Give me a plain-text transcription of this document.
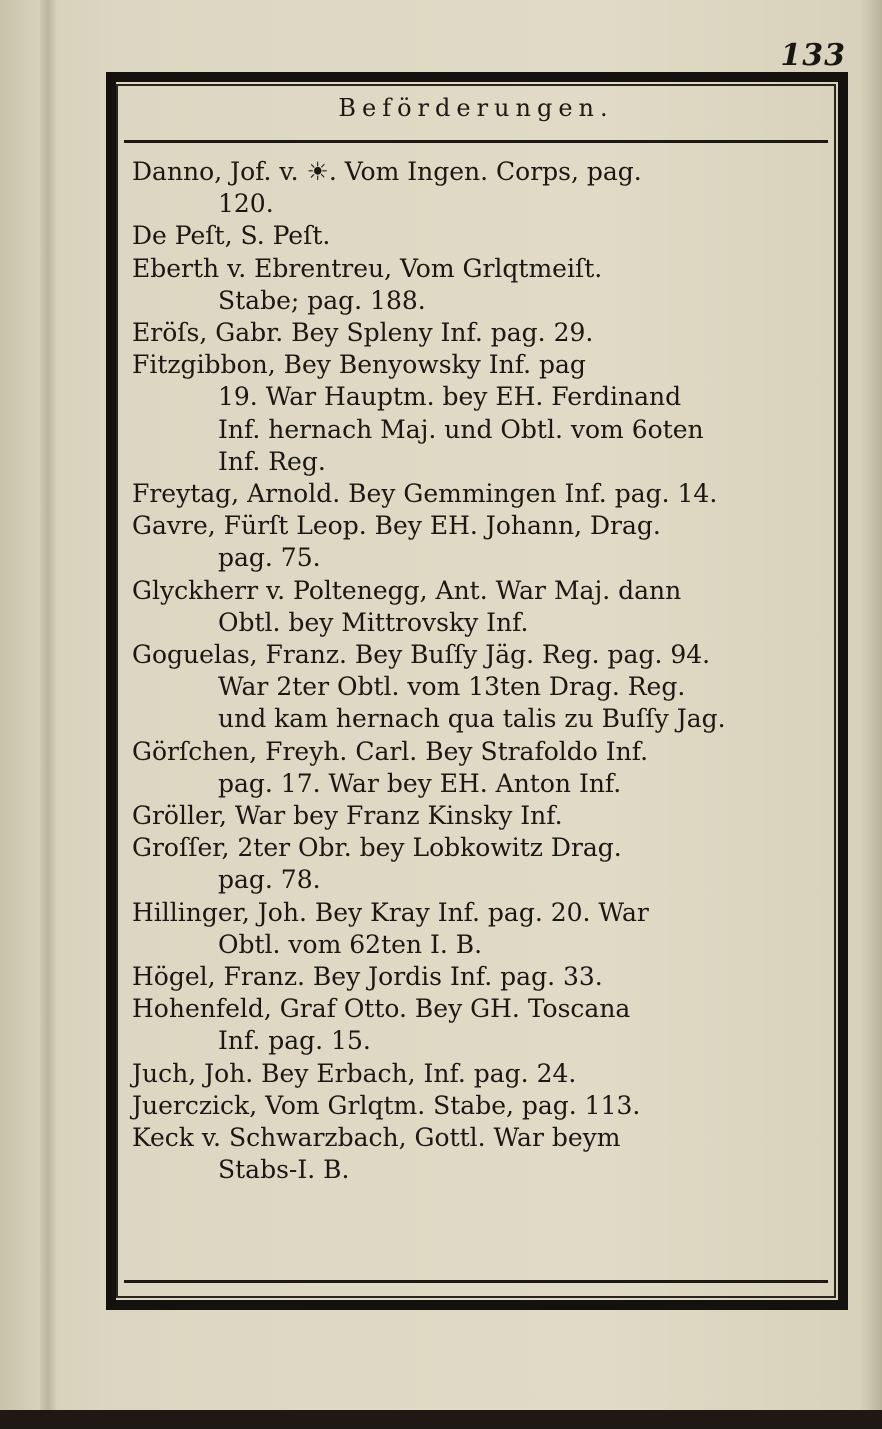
133
Beförderungen.
Danno, Jof. v. ☀. Vom Ingen. Corps, pag.
120.
De Peſt, S. Peſt.
Eberth v. Ebrentreu, Vom Grlqtmeiſt.
Stabe; pag. 188.
Eröſs, Gabr. Bey Spleny Inf. pag. 29.
Fitzgibbon, Bey Benyowsky Inf. pag
19. War Hauptm. bey EH. Ferdinand
Inf. hernach Maj. und Obtl. vom 6oten
Inf. Reg.
Freytag, Arnold. Bey Gemmingen Inf. pag. 14.
Gavre, Fürſt Leop. Bey EH. Johann, Drag.
pag. 75.
Glyckherr v. Poltenegg, Ant. War Maj. dann
Obtl. bey Mittrovsky Inf.
Goguelas, Franz. Bey Buſſy Jäg. Reg. pag. 94.
War 2ter Obtl. vom 13ten Drag. Reg.
und kam hernach qua talis zu Buſſy Jag.
Görſchen, Freyh. Carl. Bey Strafoldo Inf.
pag. 17. War bey EH. Anton Inf.
Gröller, War bey Franz Kinsky Inf.
Groſſer, 2ter Obr. bey Lobkowitz Drag.
pag. 78.
Hillinger, Joh. Bey Kray Inf. pag. 20. War
Obtl. vom 62ten I. B.
Högel, Franz. Bey Jordis Inf. pag. 33.
Hohenfeld, Graf Otto. Bey GH. Toscana
Inf. pag. 15.
Juch, Joh. Bey Erbach, Inf. pag. 24.
Juerczick, Vom Grlqtm. Stabe, pag. 113.
Keck v. Schwarzbach, Gottl. War beym
Stabs-I. B.
